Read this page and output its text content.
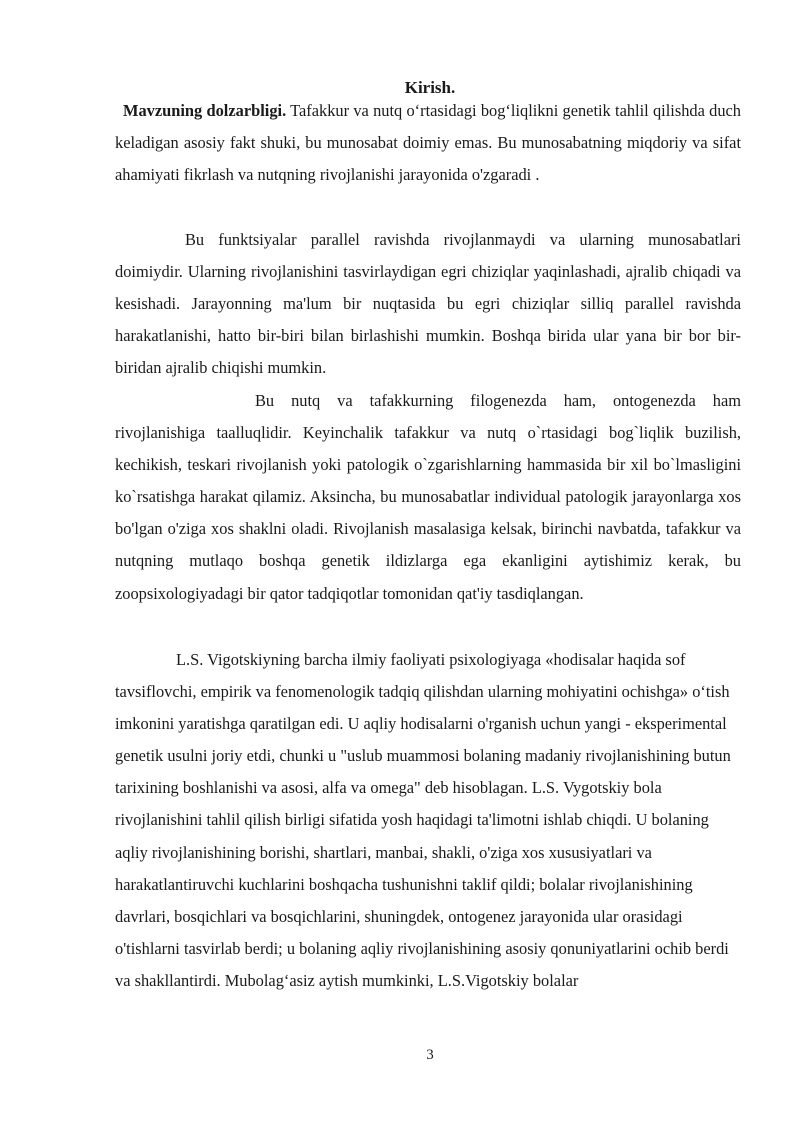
Kirish.

Mavzuning dolzarbligi. Tafakkur va nutq o‘rtasidagi bog‘liqlikni genetik tahlil qilishda duch keladigan asosiy fakt shuki, bu munosabat doimiy emas. Bu munosabatning miqdoriy va sifat ahamiyati fikrlash va nutqning rivojlanishi jarayonida o'zgaradi .

Bu funktsiyalar parallel ravishda rivojlanmaydi va ularning munosabatlari doimiydir. Ularning rivojlanishini tasvirlaydigan egri chiziqlar yaqinlashadi, ajralib chiqadi va kesishadi. Jarayonning ma'lum bir nuqtasida bu egri chiziqlar silliq parallel ravishda harakatlanishi, hatto bir-biri bilan birlashishi mumkin. Boshqa birida ular yana bir bor bir-biridan ajralib chiqishi mumkin.

Bu nutq va tafakkurning filogenezda ham, ontogenezda ham rivojlanishiga taalluqlidir. Keyinchalik tafakkur va nutq o`rtasidagi bog`liqlik buzilish, kechikish, teskari rivojlanish yoki patologik o`zgarishlarning hammasida bir xil bo`lmasligini ko`rsatishga harakat qilamiz. Aksincha, bu munosabatlar individual patologik jarayonlarga xos bo'lgan o'ziga xos shaklni oladi. Rivojlanish masalasiga kelsak, birinchi navbatda, tafakkur va nutqning mutlaqo boshqa genetik ildizlarga ega ekanligini aytishimiz kerak, bu zoopsixologiyadagi bir qator tadqiqotlar tomonidan qat'iy tasdiqlangan.

L.S. Vigotskiyning barcha ilmiy faoliyati psixologiyaga «hodisalar haqida sof tavsiflovchi, empirik va fenomenologik tadqiq qilishdan ularning mohiyatini ochishga» o‘tish imkonini yaratishga qaratilgan edi. U aqliy hodisalarni o'rganish uchun yangi - eksperimental genetik usulni joriy etdi, chunki u "uslub muammosi bolaning madaniy rivojlanishining butun tarixining boshlanishi va asosi, alfa va omega" deb hisoblagan. L.S. Vygotskiy bola rivojlanishini tahlil qilish birligi sifatida yosh haqidagi ta'limotni ishlab chiqdi. U bolaning aqliy rivojlanishining borishi, shartlari, manbai, shakli, o'ziga xos xususiyatlari va harakatlantiruvchi kuchlarini boshqacha tushunishni taklif qildi; bolalar rivojlanishining davrlari, bosqichlari va bosqichlarini, shuningdek, ontogenez jarayonida ular orasidagi o'tishlarni tasvirlab berdi; u bolaning aqliy rivojlanishining asosiy qonuniyatlarini ochib berdi va shakllantirdi. Mubolag‘asiz aytish mumkinki, L.S.Vigotskiy bolalar

3
